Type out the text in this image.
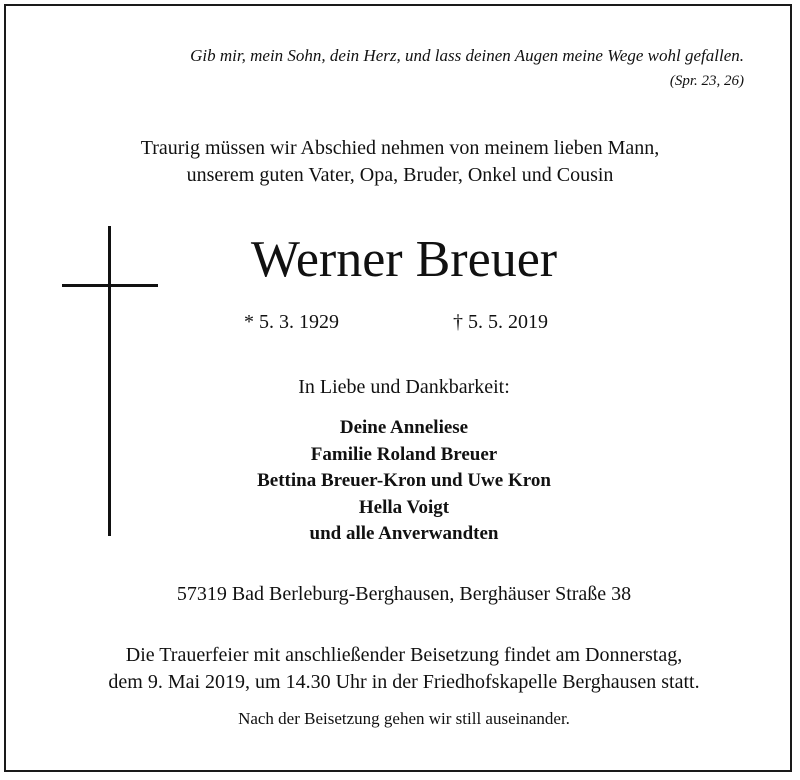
Gib mir, mein Sohn, dein Herz, und lass deinen Augen meine Wege wohl gefallen.
(Spr. 23, 26)
Traurig müssen wir Abschied nehmen von meinem lieben Mann,
unserem guten Vater, Opa, Bruder, Onkel und Cousin
Werner Breuer
* 5. 3. 1929	† 5. 5. 2019
In Liebe und Dankbarkeit:
Deine Anneliese
Familie Roland Breuer
Bettina Breuer-Kron und Uwe Kron
Hella Voigt
und alle Anverwandten
57319 Bad Berleburg-Berghausen, Berghäuser Straße 38
Die Trauerfeier mit anschließender Beisetzung findet am Donnerstag,
dem 9. Mai 2019, um 14.30 Uhr in der Friedhofskapelle Berghausen statt.
Nach der Beisetzung gehen wir still auseinander.
